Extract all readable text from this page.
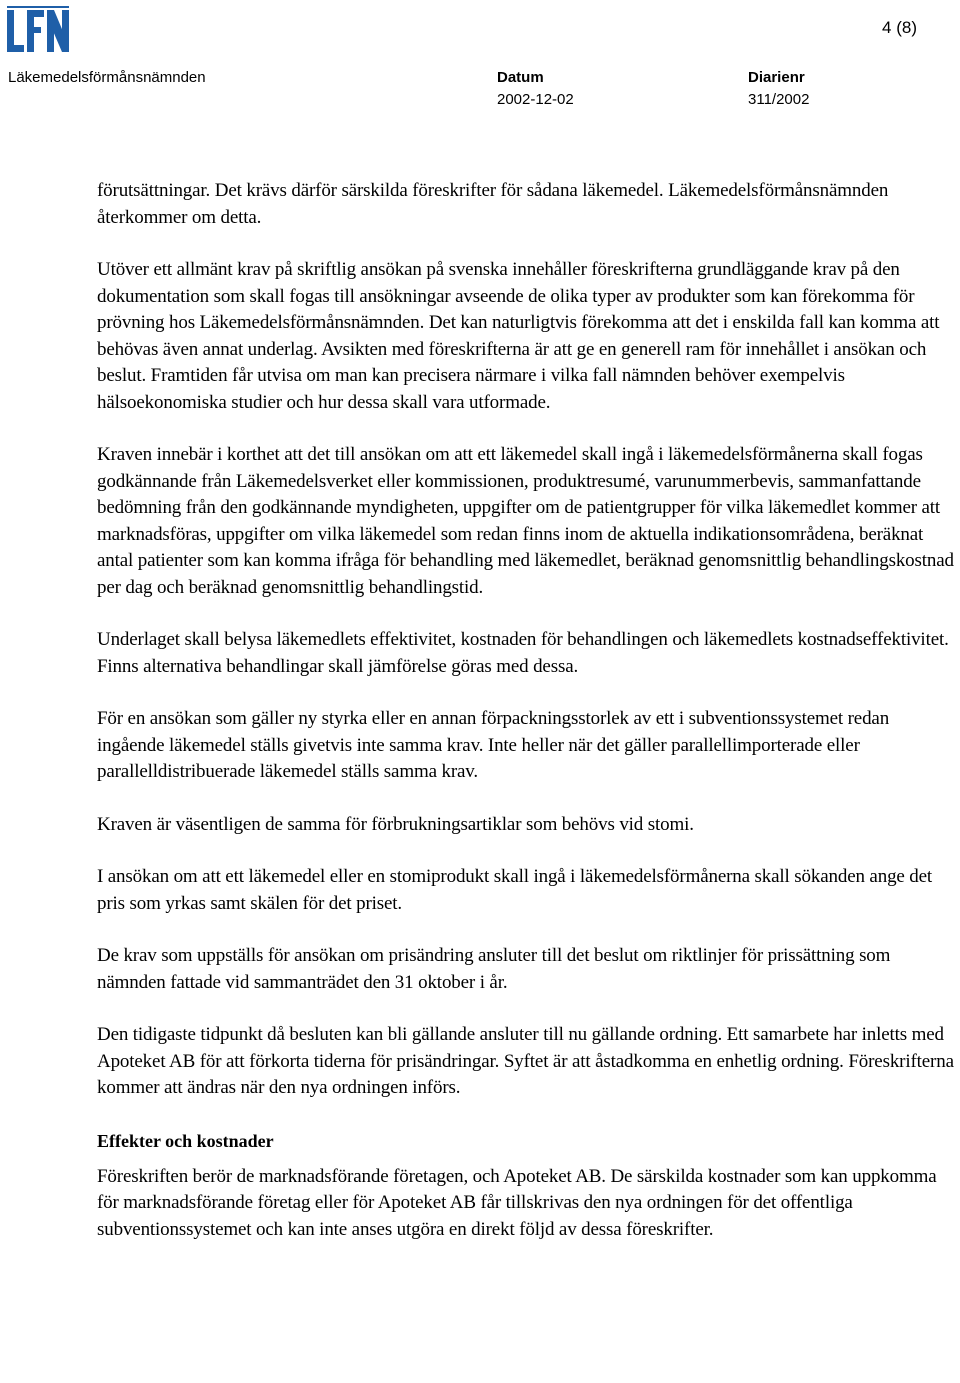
4 (8)
Läkemedelsförmånsnämnden	Datum
2002-12-02
Diarienr
311/2002

förutsättningar. Det krävs därför särskilda föreskrifter för sådana läkemedel. Läkemedelsförmånsnämnden återkommer om detta.

Utöver ett allmänt krav på skriftlig ansökan på svenska innehåller föreskrifterna grundläggande krav på den dokumentation som skall fogas till ansökningar avseende de olika typer av produkter som kan förekomma för prövning hos Läkemedelsförmånsnämnden. Det kan naturligtvis förekomma att det i enskilda fall kan komma att behövas även annat underlag. Avsikten med föreskrifterna är att ge en generell ram för innehållet i ansökan och beslut. Framtiden får utvisa om man kan precisera närmare i vilka fall nämnden behöver exempelvis hälsoekonomiska studier och hur dessa skall vara utformade.

Kraven innebär i korthet att det till ansökan om att ett läkemedel skall ingå i läkemedelsförmånerna skall fogas godkännande från Läkemedelsverket eller kommissionen, produktresumé, varunummerbevis, sammanfattande bedömning från den godkännande myndigheten, uppgifter om de patientgrupper för vilka läkemedlet kommer att marknadsföras, uppgifter om vilka läkemedel som redan finns inom de aktuella indikationsområdena, beräknat antal patienter som kan komma ifråga för behandling med läkemedlet, beräknad genomsnittlig behandlingskostnad per dag och beräknad genomsnittlig behandlingstid.

Underlaget skall belysa läkemedlets effektivitet, kostnaden för behandlingen och läkemedlets kostnadseffektivitet. Finns alternativa behandlingar skall jämförelse göras med dessa.

För en ansökan som gäller ny styrka eller en annan förpackningsstorlek av ett i subventionssystemet redan ingående läkemedel ställs givetvis inte samma krav. Inte heller när det gäller parallellimporterade eller parallelldistribuerade läkemedel ställs samma krav.

Kraven är väsentligen de samma för förbrukningsartiklar som behövs vid stomi.

I ansökan om att ett läkemedel eller en stomiprodukt skall ingå i läkemedelsförmånerna skall sökanden ange det pris som yrkas samt skälen för det priset.

De krav som uppställs för ansökan om prisändring ansluter till det beslut om riktlinjer för prissättning som nämnden fattade vid sammanträdet den 31 oktober i år.

Den tidigaste tidpunkt då besluten kan bli gällande ansluter till nu gällande ordning. Ett samarbete har inletts med Apoteket AB för att förkorta tiderna för prisändringar. Syftet är att åstadkomma en enhetlig ordning. Föreskrifterna kommer att ändras när den nya ordningen införs.

Effekter och kostnader

Föreskriften berör de marknadsförande företagen, och Apoteket AB. De särskilda kostnader som kan uppkomma för marknadsförande företag eller för Apoteket AB får tillskrivas den nya ordningen för det offentliga subventionssystemet och kan inte anses utgöra en direkt följd av dessa föreskrifter.
